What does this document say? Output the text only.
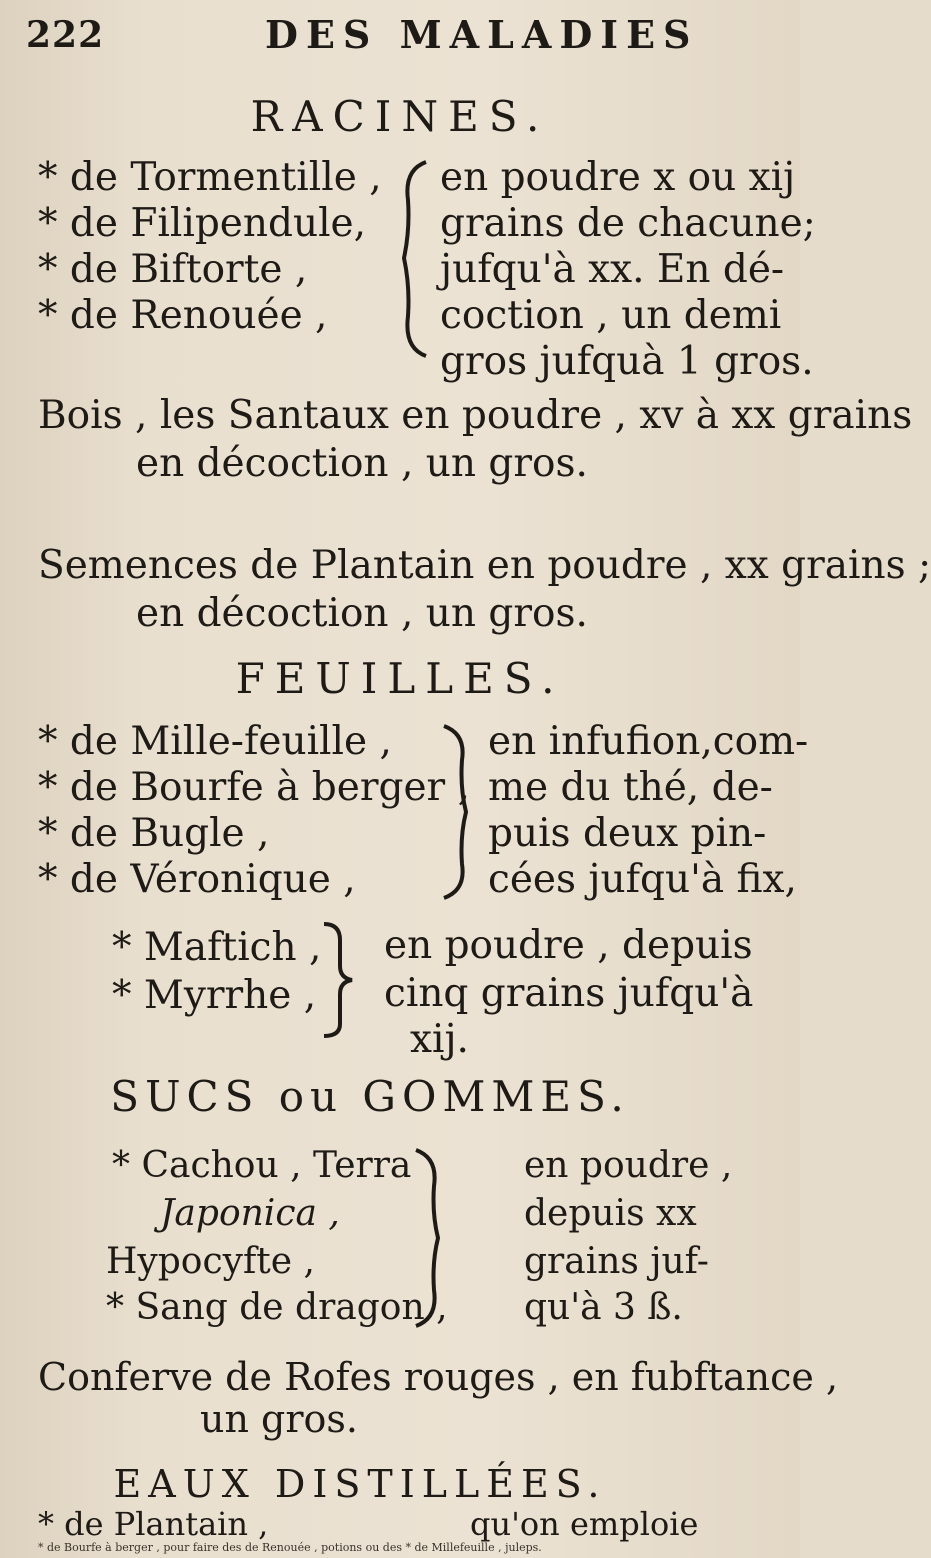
222	DES MALADIES
RACINES.
* de Tormentille ,
* de Filipendule,
* de Biftorte ,
* de Renouée ,
en poudre x ou xij
grains de chacune;
jufqu'à xx. En dé-
coction , un demi
gros jufquà 1 gros.
Bois , les Santaux en poudre , xv à xx grains
en décoction , un gros.
Semences de Plantain en poudre , xx grains ;
en décoction , un gros.
FEUILLES.
* de Mille-feuille ,
* de Bourfe à berger ,
* de Bugle ,
* de Véronique ,
en infufion,com-
me du thé, de-
puis deux pin-
cées jufqu'à fix,
* Maftich ,
* Myrrhe ,
en poudre , depuis
cinq grains jufqu'à
xij.
SUCS ou GOMMES.
* Cachou , Terra
Japonica ,
Hypocyfte ,
* Sang de dragon ,
en poudre ,
depuis xx
grains juf-
qu'à 3 ß.
Conferve de Rofes rouges , en fubftance ,
un gros.
EAUX DISTILLÉES.
* de Plantain ,	qu'on emploie
* de Bourfe à berger , pour faire des de Renouée , potions ou des * de Millefeuille , juleps.
